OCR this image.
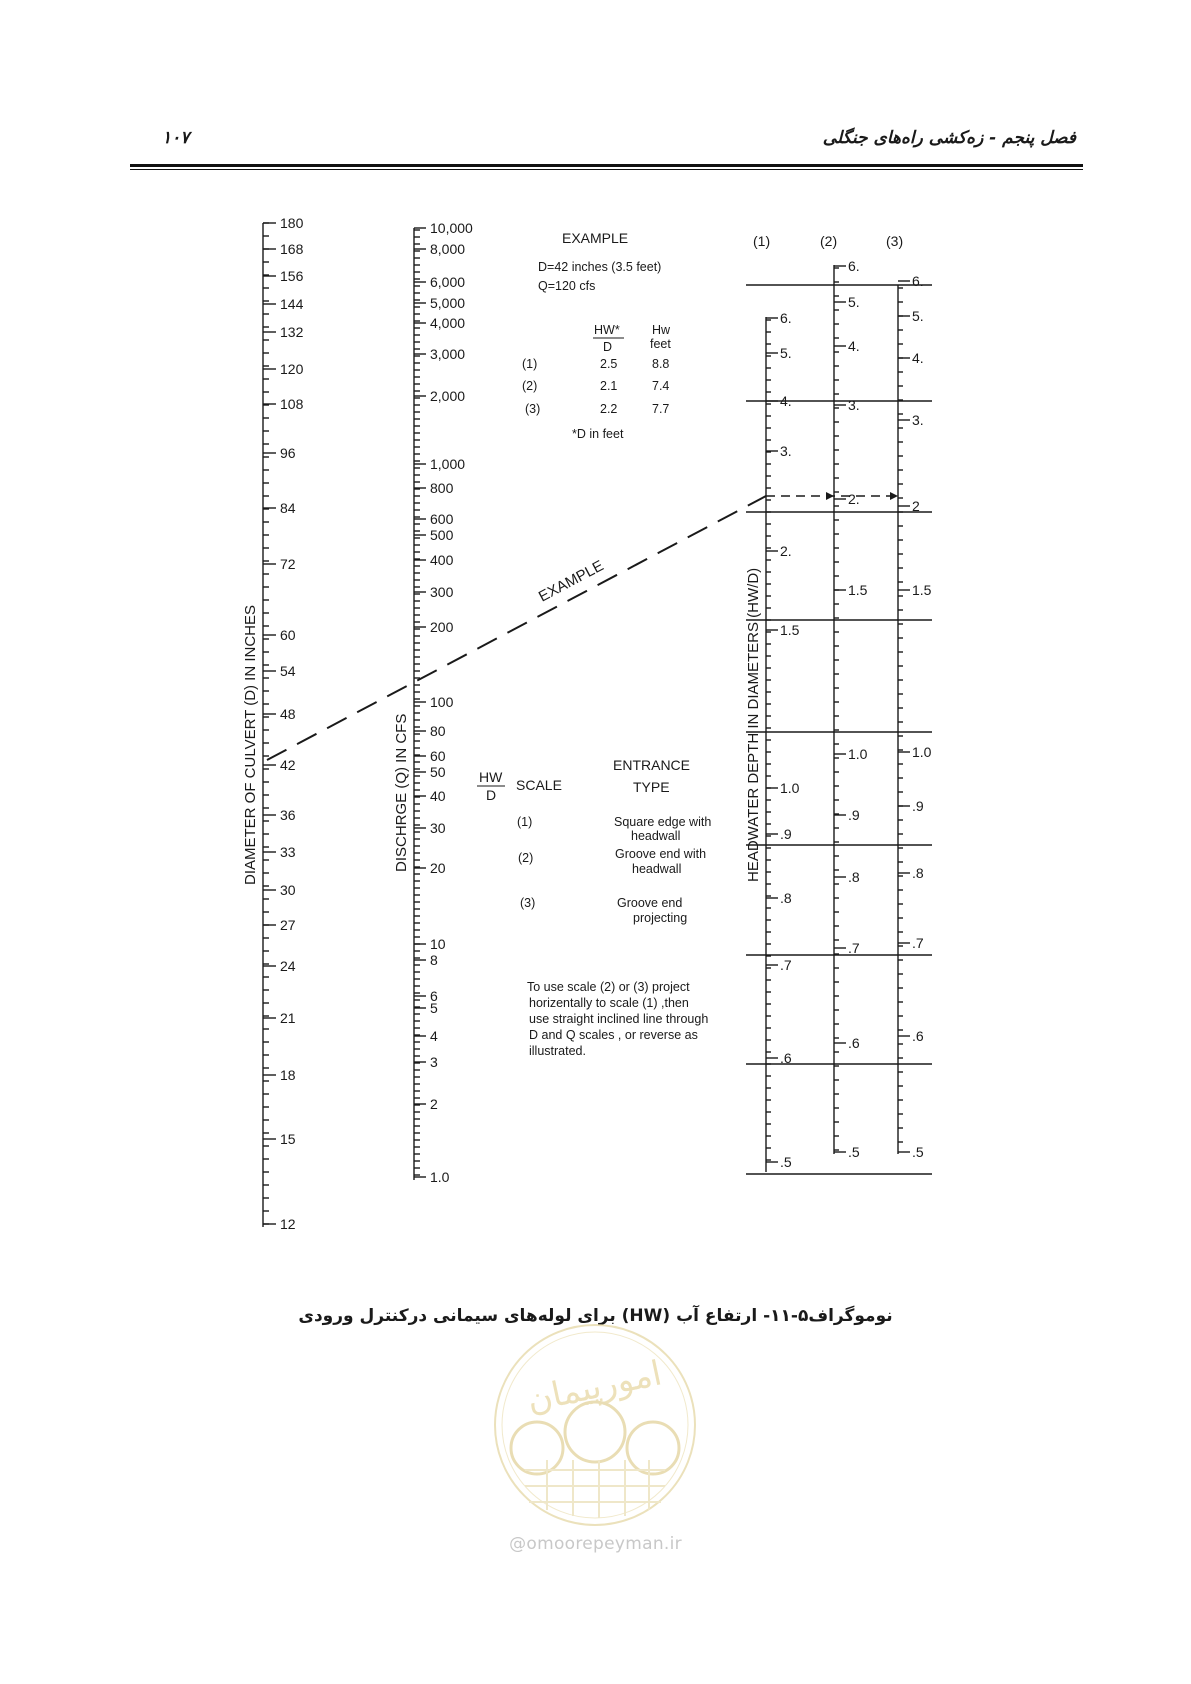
فصل پنجم - زه‌کشی راه‌های جنگلی
۱۰۷
180
168
156
144
132
120
108
96
84
72
60
54
48
42
36
33
30
27
24
21
18
15
12
DIAMETER OF CULVERT (D) IN INCHES
10,000
8,000
6,000
5,000
4,000
3,000
2,000
1,000
800
600
500
400
300
200
100
80
60
50
40
30
20
10
8
6
5
4
3
2
1.0
DISCHRGE (Q) IN CFS
6.
5.
4.
3.
2.
1.5
1.0
.9
.8
.7
.6
.5
6.
5.
4.
3.
2.
1.5
1.0
.9
.8
.7
.6
.5
6.
5.
4.
3.
2
1.5
1.0
.9
.8
.7
.6
.5
(1)	(2)	(3)
HEADWATER DEPTH IN DIAMETERS (HW/D)
EXAMPLE
EXAMPLE
D=42 inches (3.5 feet)
Q=120 cfs
HW*
D
Hw
feet
(1)	2.5	8.8
(2)	2.1	7.4
(3)	2.2	7.7
*D in feet
HW
D
SCALE
ENTRANCE
TYPE
(1)	Square edge with
headwall
(2)	Groove end with
headwall
(3)	Groove end
projecting
To use scale (2) or (3) project
horizentally to scale (1) ,then
use straight inclined line through
D and Q scales , or reverse as
illustrated.
نوموگراف۵-۱۱- ارتفاع آب (HW) برای لوله‌های سیمانی درکنترل ورودی
امورپیمان
@omoorepeyman.ir
